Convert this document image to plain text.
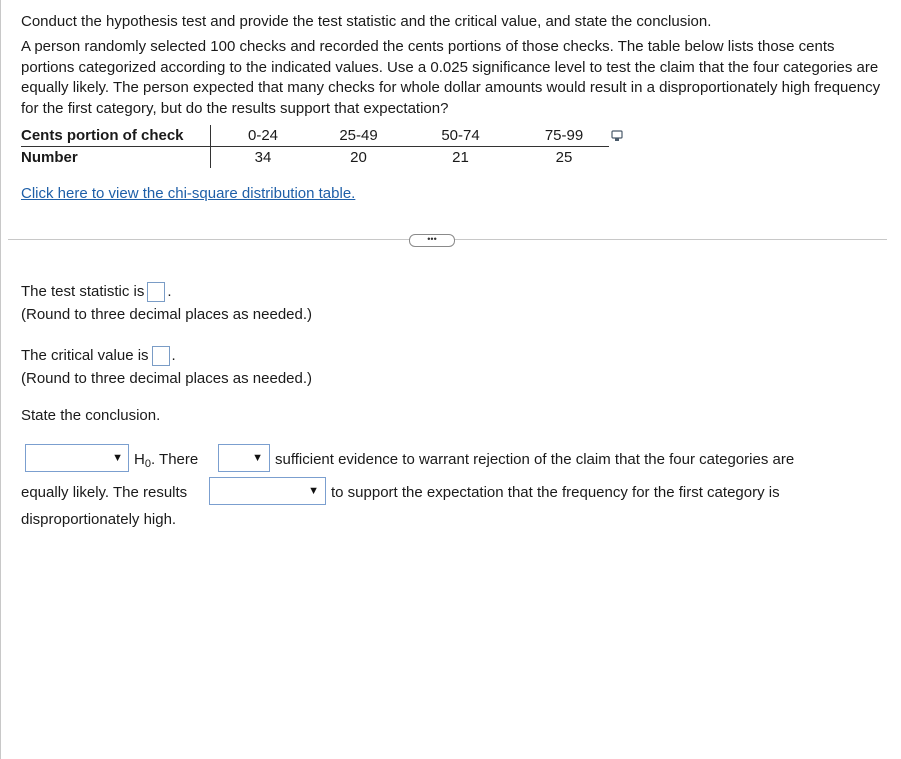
Conduct the hypothesis test and provide the test statistic and the critical value, and state the conclusion.
A person randomly selected 100 checks and recorded the cents portions of those checks. The table below lists those cents portions categorized according to the indicated values. Use a 0.025 significance level to test the claim that the four categories are equally likely. The person expected that many checks for whole dollar amounts would result in a disproportionately high frequency for the first category, but do the results support that expectation?
Cents portion of check	0-24	25-49	50-74	75-99
Number	34	20	21	25
Click here to view the chi-square distribution table.
•••
The test statistic is .
(Round to three decimal places as needed.)
The critical value is .
(Round to three decimal places as needed.)
State the conclusion.
▼ $H_0$. There	▼ sufficient evidence to warrant rejection of the claim that the four categories are
equally likely. The results	▼ to support the expectation that the frequency for the first category is
disproportionately high.
